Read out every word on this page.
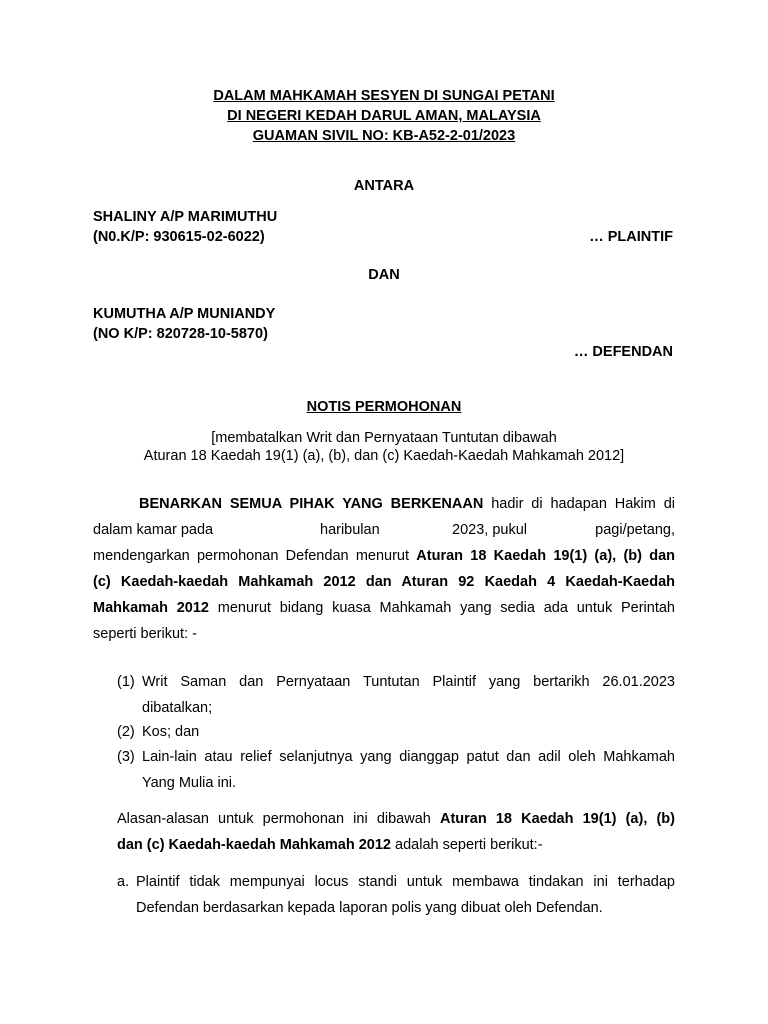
DALAM MAHKAMAH SESYEN DI SUNGAI PETANI
DI NEGERI KEDAH DARUL AMAN, MALAYSIA
GUAMAN SIVIL NO: KB-A52-2-01/2023
ANTARA
SHALINY A/P MARIMUTHU
(N0.K/P: 930615-02-6022)	… PLAINTIF
DAN
KUMUTHA A/P MUNIANDY
(NO K/P: 820728-10-5870)
… DEFENDAN
NOTIS PERMOHONAN
[membatalkan Writ dan Pernyataan Tuntutan dibawah
Aturan 18 Kaedah 19(1) (a), (b), dan (c) Kaedah-Kaedah Mahkamah 2012]
BENARKAN SEMUA PIHAK YANG BERKENAAN hadir di hadapan Hakim di
dalam kamar pada	haribulan	2023, pukul	pagi/petang,
mendengarkan permohonan Defendan menurut Aturan 18 Kaedah 19(1) (a), (b) dan
(c) Kaedah-kaedah Mahkamah 2012 dan Aturan 92 Kaedah 4 Kaedah-Kaedah
Mahkamah 2012 menurut bidang kuasa Mahkamah yang sedia ada untuk Perintah
seperti berikut: -
(1) Writ Saman dan Pernyataan Tuntutan Plaintif yang bertarikh 26.01.2023 dibatalkan;
(2) Kos; dan
(3) Lain-lain atau relief selanjutnya yang dianggap patut dan adil oleh Mahkamah Yang Mulia ini.
Alasan-alasan untuk permohonan ini dibawah Aturan 18 Kaedah 19(1) (a), (b)
dan (c) Kaedah-kaedah Mahkamah 2012 adalah seperti berikut:-
a. Plaintif tidak mempunyai locus standi untuk membawa tindakan ini terhadap Defendan berdasarkan kepada laporan polis yang dibuat oleh Defendan.
